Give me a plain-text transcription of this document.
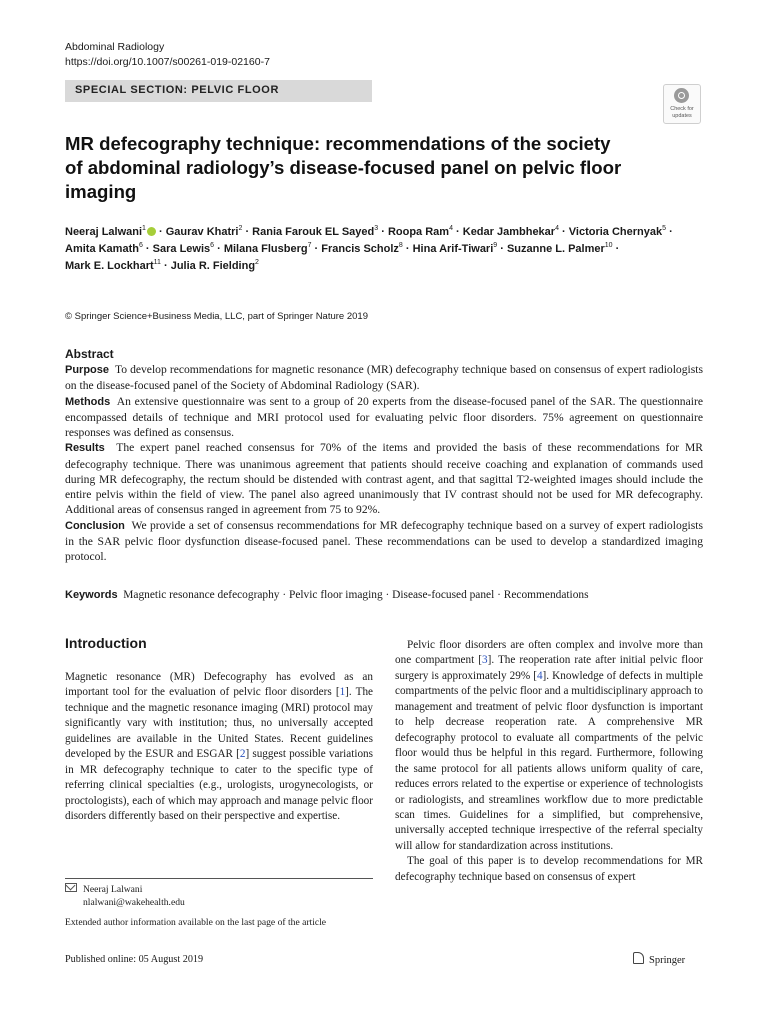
Abdominal Radiology
https://doi.org/10.1007/s00261-019-02160-7
SPECIAL SECTION: PELVIC FLOOR
Check for
updates
MR defecography technique: recommendations of the society of abdominal radiology’s disease-focused panel on pelvic floor imaging
Neeraj Lalwani$^1$ · Gaurav Khatri$^2$ · Rania Farouk EL Sayed$^3$ · Roopa Ram$^4$ · Kedar Jambhekar$^4$ · Victoria Chernyak$^5$ ·
Amita Kamath$^6$ · Sara Lewis$^6$ · Milana Flusberg$^7$ · Francis Scholz$^8$ · Hina Arif-Tiwari$^9$ · Suzanne L. Palmer$^{10}$ ·
Mark E. Lockhart$^{11}$ · Julia R. Fielding$^2$
© Springer Science+Business Media, LLC, part of Springer Nature 2019
Abstract

Purpose To develop recommendations for magnetic resonance (MR) defecography technique based on consensus of expert radiologists on the disease-focused panel of the Society of Abdominal Radiology (SAR).

Methods An extensive questionnaire was sent to a group of 20 experts from the disease-focused panel of the SAR. The questionnaire encompassed details of technique and MRI protocol used for evaluating pelvic floor disorders. 75% agreement on questionnaire responses was defined as consensus.

Results The expert panel reached consensus for 70% of the items and provided the basis of these recommendations for MR defecography technique. There was unanimous agreement that patients should receive coaching and explanation of commands used during MR defecography, the rectum should be distended with contrast agent, and that sagittal T2-weighted images should include the entire pelvis within the field of view. The panel also agreed unanimously that IV contrast should not be used for MR defecography. Additional areas of consensus ranged in agreement from 75 to 92%.

Conclusion We provide a set of consensus recommendations for MR defecography technique based on a survey of expert radiologists in the SAR pelvic floor dysfunction disease-focused panel. These recommendations can be used to develop a standardized imaging protocol.

Keywords Magnetic resonance defecography · Pelvic floor imaging · Disease-focused panel · Recommendations
Introduction

Magnetic resonance (MR) Defecography has evolved as an important tool for the evaluation of pelvic floor disorders [1]. The technique and the magnetic resonance imaging (MRI) protocol may significantly vary with institution; thus, no universally accepted guidelines are available in the United States. Recent guidelines developed by the ESUR and ESGAR [2] suggest possible variations in MR defecography technique to cater to the specific type of referring clinical specialties (e.g., urologists, urogynecologists, or proctologists), each of which may approach and manage pelvic floor disorders differently based on their perspective and expertise.

Pelvic floor disorders are often complex and involve more than one compartment [3]. The reoperation rate after initial pelvic floor surgery is approximately 29% [4]. Knowledge of defects in multiple compartments of the pelvic floor and a multidisciplinary approach to management and treatment of pelvic floor dysfunction is important to help decrease reoperation rate. A comprehensive MR defecography protocol to evaluate all compartments of the pelvic floor would thus be helpful in this regard. Furthermore, following the same protocol for all patients allows uniform quality of care, reduces errors related to the expertise or experience of technologists or radiologists, and streamlines workflow due to more predictable scan times. Guidelines for a simplified, but comprehensive, universally accepted technique irrespective of the referral specialty will allow for standardization across institutions.

The goal of this paper is to develop recommendations for MR defecography technique based on consensus of expert

Neeraj Lalwani
nlalwani@wakehealth.edu
Extended author information available on the last page of the article
Published online: 05 August 2019	Springer
